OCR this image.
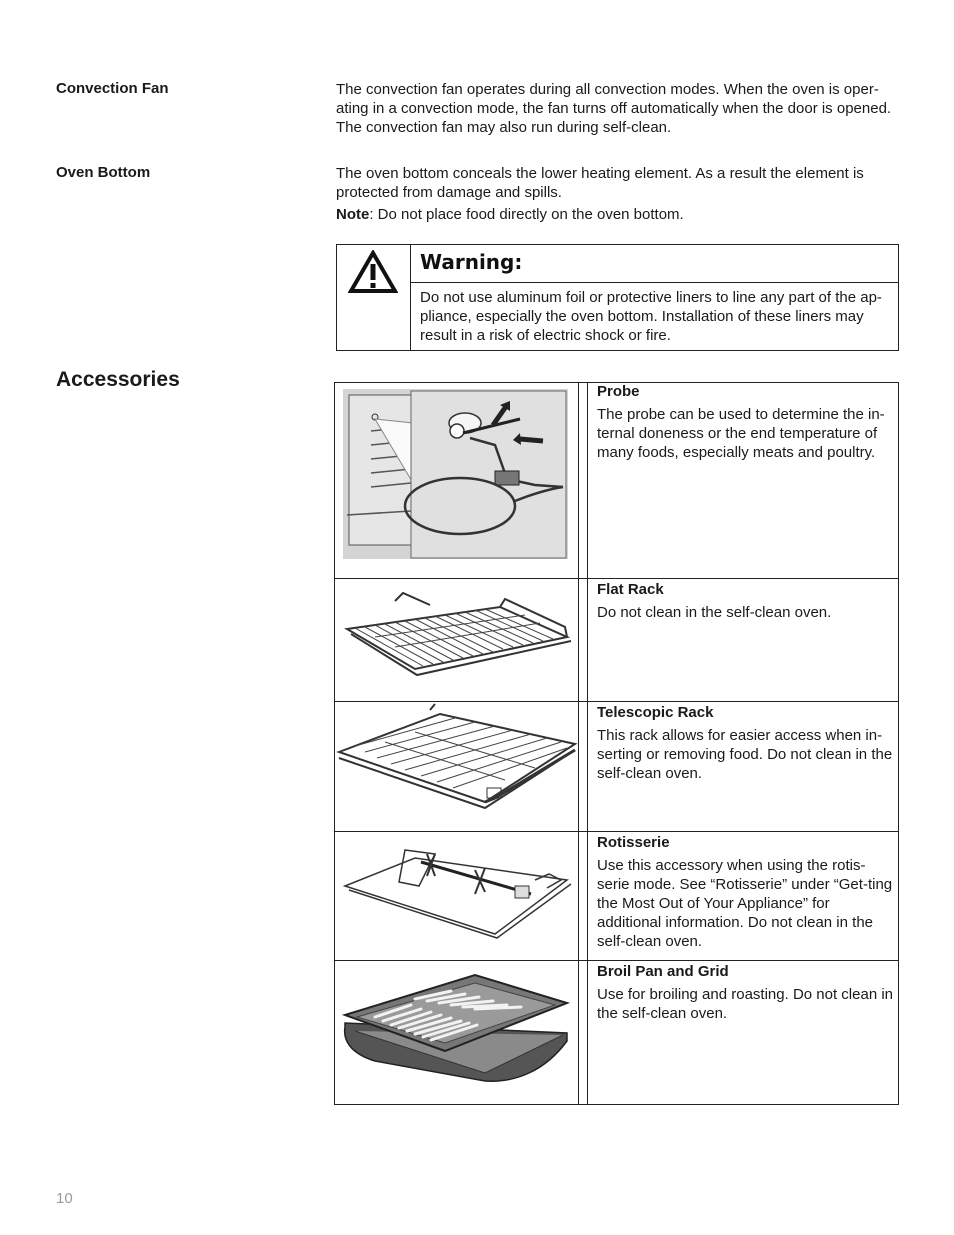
Convection Fan	The convection fan operates during all convection modes. When the oven is oper-ating in a convection mode, the fan turns off automatically when the door is opened. The convection fan may also run during self-clean.

Oven Bottom	The oven bottom conceals the lower heating element. As a result the element is protected from damage and spills.

Note: Do not place food directly on the oven bottom.

Warning:

Do not use aluminum foil or protective liners to line any part of the ap-pliance, especially the oven bottom. Installation of these liners may result in a risk of electric shock or fire.

Accessories

Probe

The probe can be used to determine the in-ternal doneness or the end temperature of many foods, especially meats and poultry.

Flat Rack

Do not clean in the self-clean oven.

Telescopic Rack

This rack allows for easier access when in-serting or removing food. Do not clean in the self-clean oven.

Rotisserie

Use this accessory when using the rotis-serie mode. See “Rotisserie” under “Get-ting the Most Out of Your Appliance” for additional information. Do not clean in the self-clean oven.

Broil Pan and Grid

Use for broiling and roasting. Do not clean in the self-clean oven.

10
